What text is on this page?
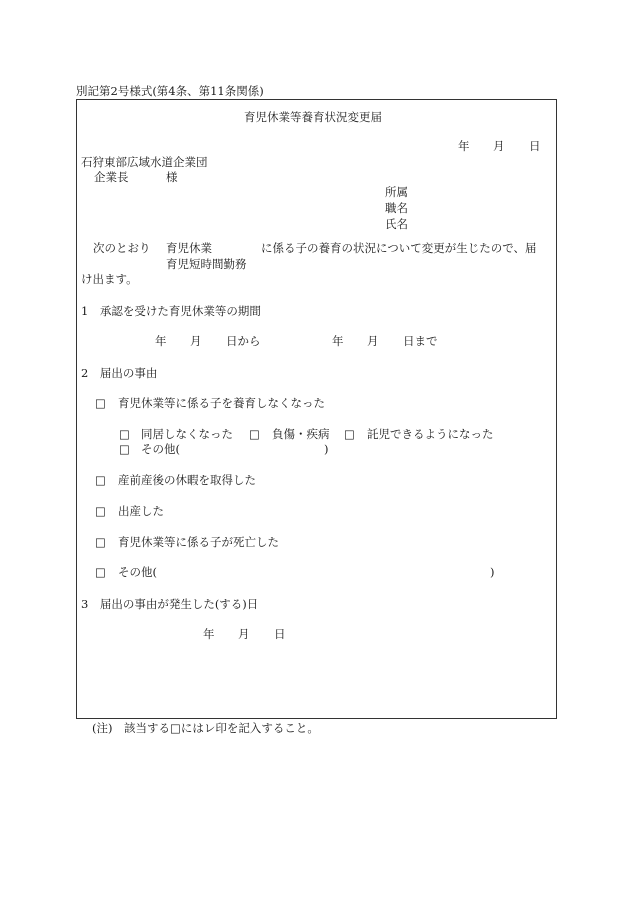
別記第2号様式(第4条、第11条関係)
育児休業等養育状況変更届
年 月 日
石狩東部広域水道企業団
企業長	様
所属
職名
氏名
次のとおり 育児休業
育児短時間勤務
に係る子の養育の状況について変更が生じたので、届
け出ます。
1　承認を受けた育児休業等の期間
年 月 日から	年 月 日まで
2　届出の事由
□ 育児休業等に係る子を養育しなくなった
□ 同居しなくなった □ 負傷・疾病 □ 託児できるようになった
□ その他(	)
□ 産前産後の休暇を取得した
□ 出産した
□ 育児休業等に係る子が死亡した
□ その他(	)
3　届出の事由が発生した(する)日
年 月 日
(注)　該当する□にはレ印を記入すること。
